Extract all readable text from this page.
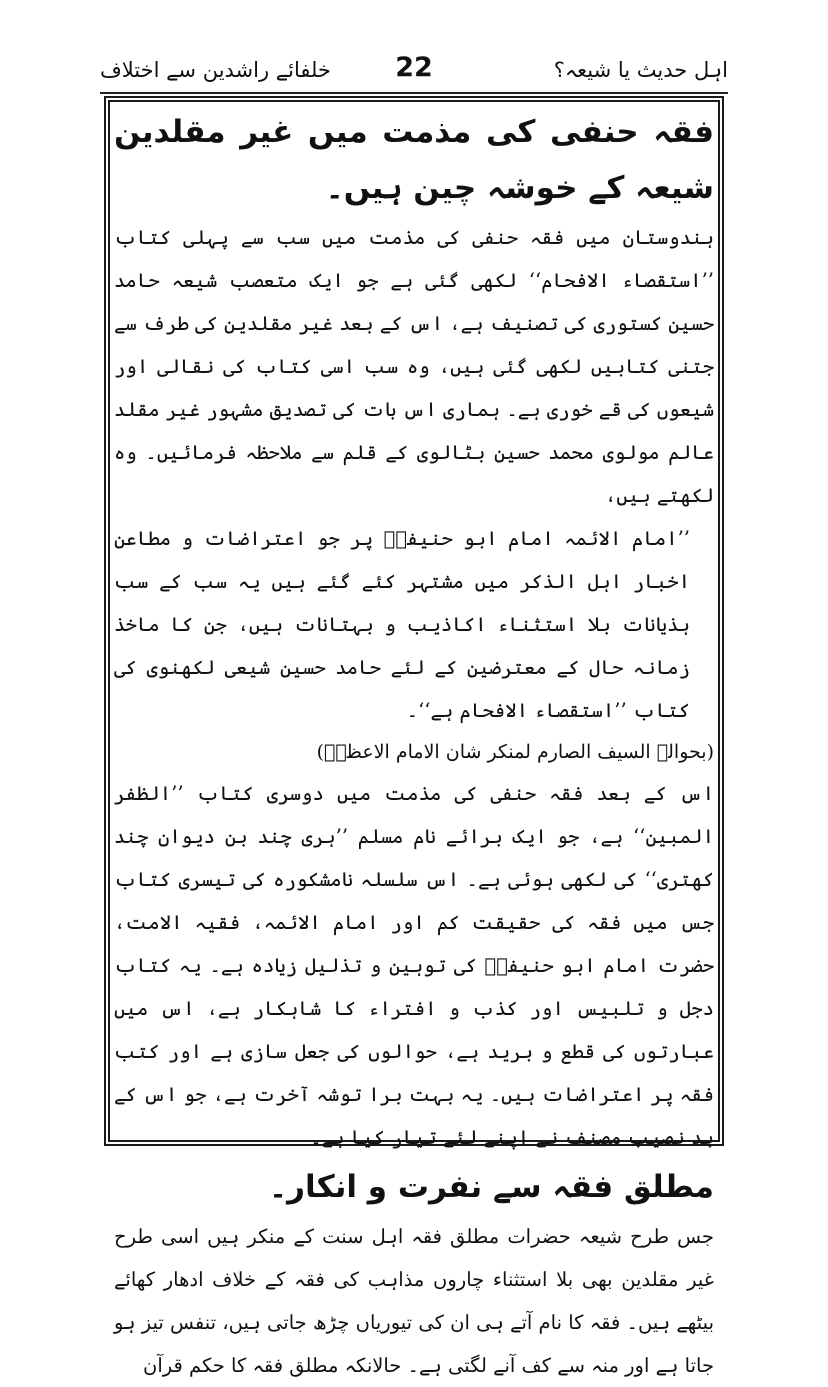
اہل حدیث یا شیعہ؟
22
خلفائے راشدین سے اختلاف

فقہ حنفی کی مذمت میں غیر مقلدین شیعہ کے خوشہ چین ہیں۔

ہندوستان میں فقہ حنفی کی مذمت میں سب سے پہلی کتاب ’’استقصاء الافحام‘‘ لکھی گئی ہے جو ایک متعصب شیعہ حامد حسین کستوری کی تصنیف ہے، اس کے بعد غیر مقلدین کی طرف سے جتنی کتابیں لکھی گئی ہیں، وہ سب اسی کتاب کی نقالی اور شیعوں کی قے خوری ہے۔ ہماری اس بات کی تصدیق مشہور غیر مقلد عالم مولوی محمد حسین بٹالوی کے قلم سے ملاحظہ فرمائیں۔ وہ لکھتے ہیں،

’’امام الائمہ امام ابو حنیفہؒ پر جو اعتراضات و مطاعن اخبار اہل الذکر میں مشتہر کئے گئے ہیں یہ سب کے سب ہذیانات بلا استثناء اکاذیب و بہتانات ہیں، جن کا ماخذ زمانہ حال کے معترضین کے لئے حامد حسین شیعی لکھنوی کی کتاب ’’استقصاء الافحام ہے‘‘۔

(بحوالہ السیف الصارم لمنکر شان الامام الاعظمؒ)

اس کے بعد فقہ حنفی کی مذمت میں دوسری کتاب ’’الظفر المبین‘‘ ہے، جو ایک برائے نام مسلم ’’ہری چند بن دیوان چند کھتری‘‘ کی لکھی ہوئی ہے۔ اس سلسلہ نامشکورہ کی تیسری کتاب جس میں فقہ کی حقیقت کم اور امام الائمہ، فقیہ الامت، حضرت امام ابو حنیفہؒ کی توہین و تذلیل زیادہ ہے۔ یہ کتاب دجل و تلبیس اور کذب و افتراء کا شاہکار ہے، اس میں عبارتوں کی قطع و برید ہے، حوالوں کی جعل سازی ہے اور کتب فقہ پر اعتراضات ہیں۔ یہ بہت برا توشہ آخرت ہے، جو اس کے بد نصیب مصنف نے اپنے لئے تیار کیا ہے۔

مطلق فقہ سے نفرت و انکار۔

جس طرح شیعہ حضرات مطلق فقہ اہل سنت کے منکر ہیں اسی طرح غیر مقلدین بھی بلا استثناء چاروں مذاہب کی فقہ کے خلاف ادھار کھائے بیٹھے ہیں۔ فقہ کا نام آتے ہی ان کی تیوریاں چڑھ جاتی ہیں، تنفس تیز ہو جاتا ہے اور منہ سے کف آنے لگتی ہے۔ حالانکہ مطلق فقہ کا حکم قرآن
